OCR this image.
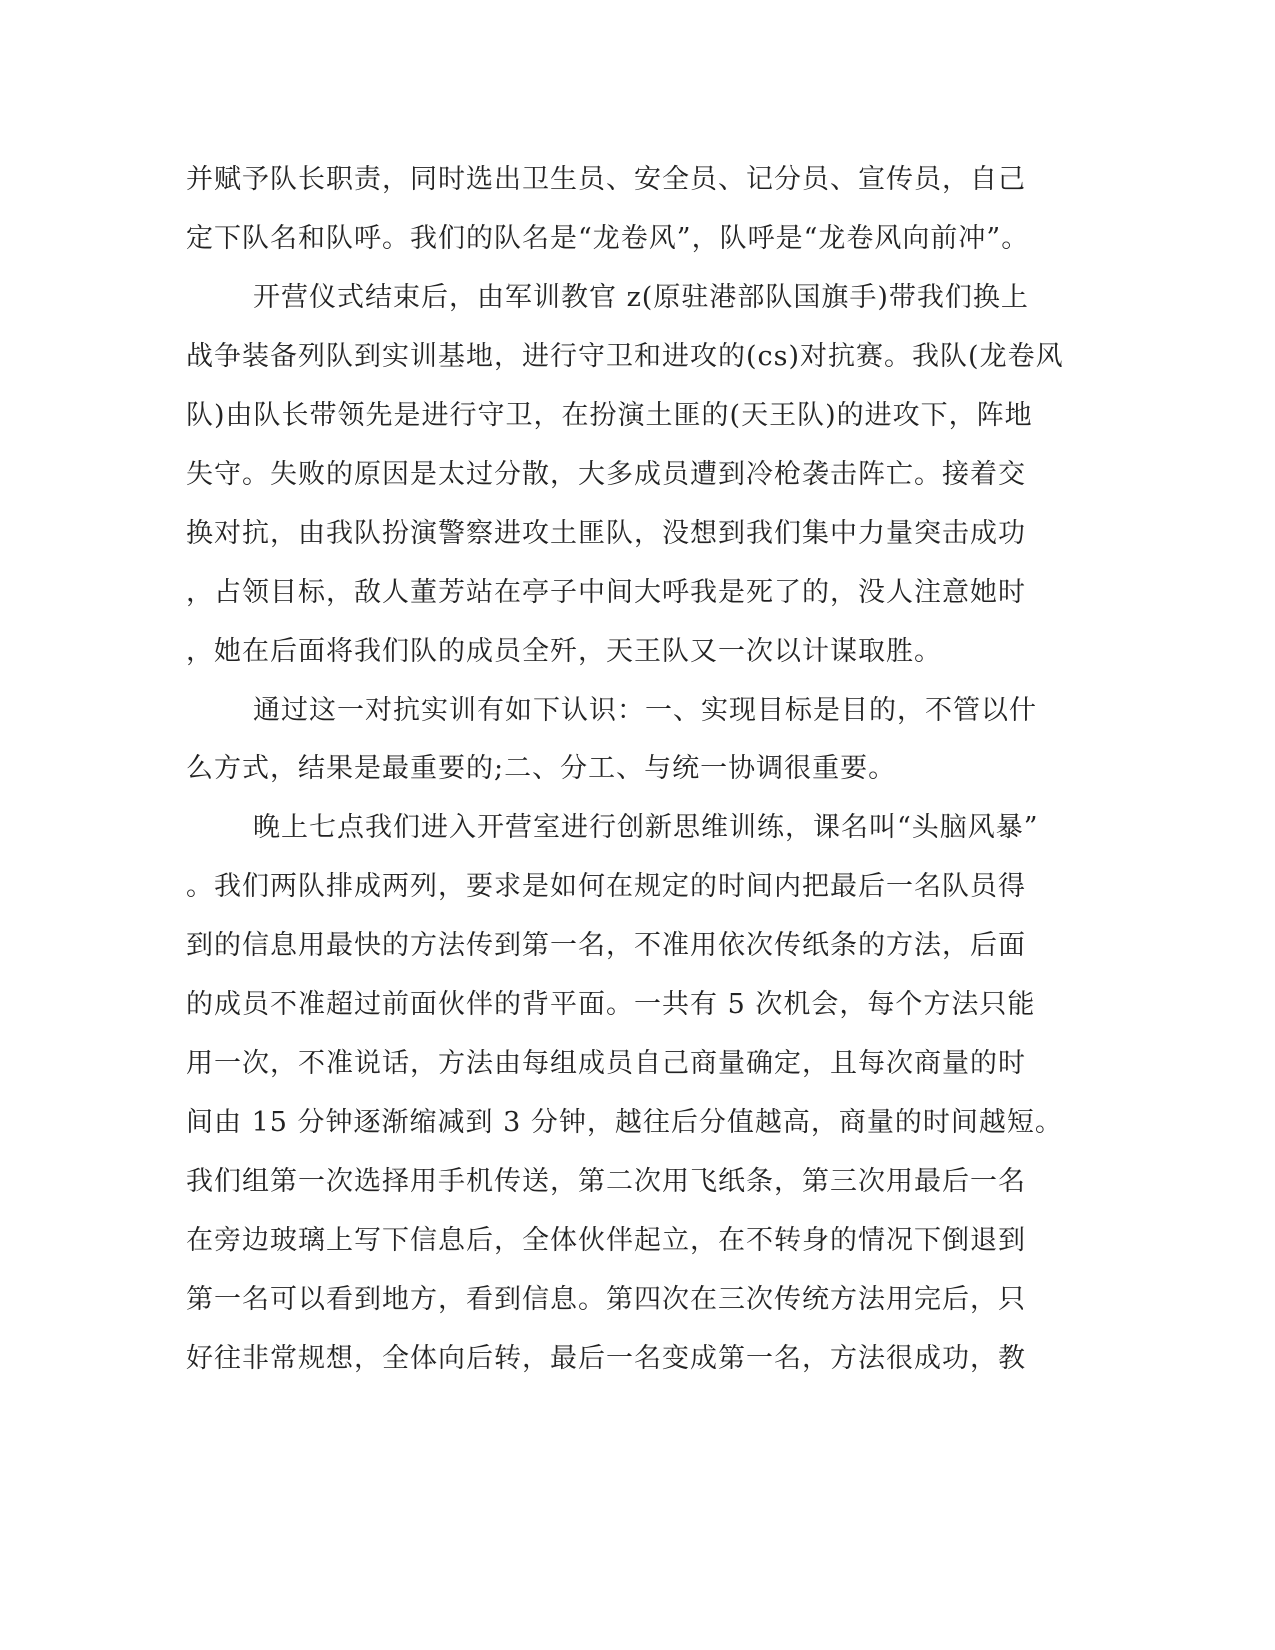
并赋予队长职责，同时选出卫生员、安全员、记分员、宣传员，自己
定下队名和队呼。我们的队名是“龙卷风”，队呼是“龙卷风向前冲”。
开营仪式结束后，由军训教官 z(原驻港部队国旗手)带我们换上
战争装备列队到实训基地，进行守卫和进攻的(cs)对抗赛。我队(龙卷风
队)由队长带领先是进行守卫，在扮演土匪的(天王队)的进攻下，阵地
失守。失败的原因是太过分散，大多成员遭到冷枪袭击阵亡。接着交
换对抗，由我队扮演警察进攻土匪队，没想到我们集中力量突击成功
，占领目标，敌人董芳站在亭子中间大呼我是死了的，没人注意她时
，她在后面将我们队的成员全歼，天王队又一次以计谋取胜。
通过这一对抗实训有如下认识：一、实现目标是目的，不管以什
么方式，结果是最重要的;二、分工、与统一协调很重要。
晚上七点我们进入开营室进行创新思维训练，课名叫“头脑风暴”
。我们两队排成两列，要求是如何在规定的时间内把最后一名队员得
到的信息用最快的方法传到第一名，不准用依次传纸条的方法，后面
的成员不准超过前面伙伴的背平面。一共有 5 次机会，每个方法只能
用一次，不准说话，方法由每组成员自己商量确定，且每次商量的时
间由 15 分钟逐渐缩减到 3 分钟，越往后分值越高，商量的时间越短。
我们组第一次选择用手机传送，第二次用飞纸条，第三次用最后一名
在旁边玻璃上写下信息后，全体伙伴起立，在不转身的情况下倒退到
第一名可以看到地方，看到信息。第四次在三次传统方法用完后，只
好往非常规想，全体向后转，最后一名变成第一名，方法很成功，教
